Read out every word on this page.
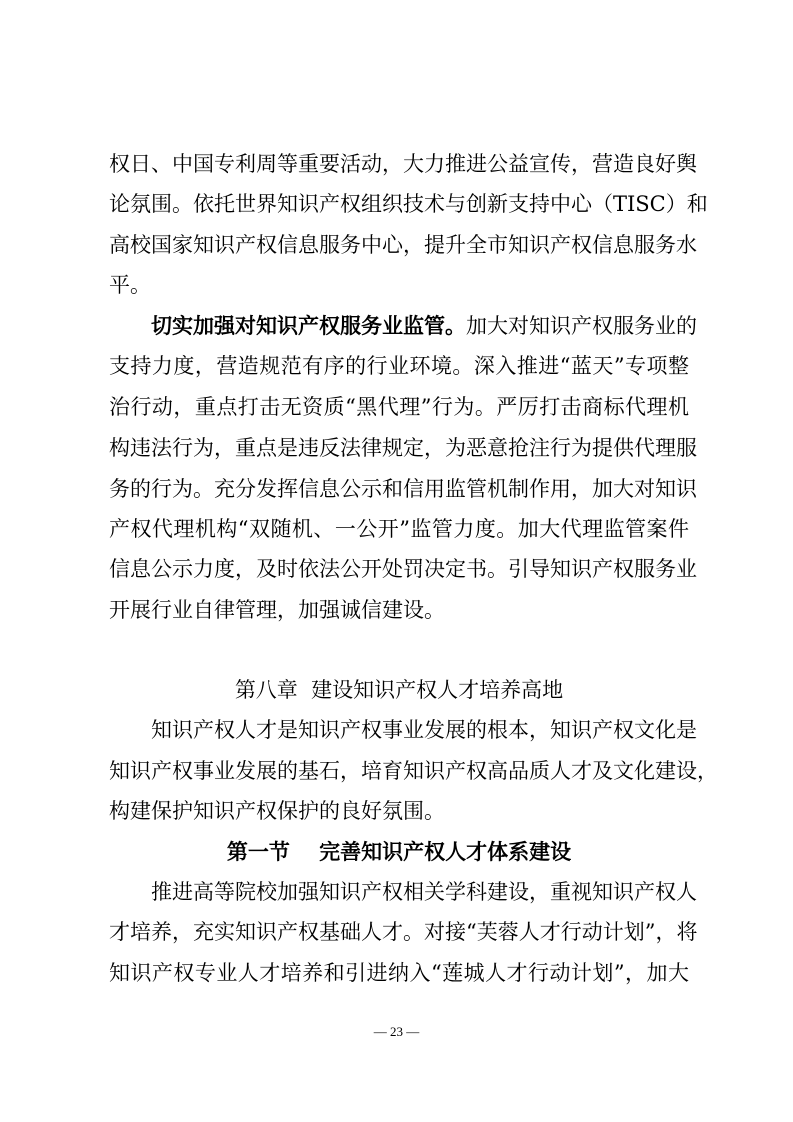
权日、中国专利周等重要活动，大力推进公益宣传，营造良好舆
论氛围。依托世界知识产权组织技术与创新支持中心（TISC）和
高校国家知识产权信息服务中心，提升全市知识产权信息服务水
平。
切实加强对知识产权服务业监管。加大对知识产权服务业的
支持力度，营造规范有序的行业环境。深入推进“蓝天”专项整
治行动，重点打击无资质“黑代理”行为。严厉打击商标代理机
构违法行为，重点是违反法律规定，为恶意抢注行为提供代理服
务的行为。充分发挥信息公示和信用监管机制作用，加大对知识
产权代理机构“双随机、一公开”监管力度。加大代理监管案件
信息公示力度，及时依法公开处罚决定书。引导知识产权服务业
开展行业自律管理，加强诚信建设。
第八章  建设知识产权人才培养高地
知识产权人才是知识产权事业发展的根本，知识产权文化是
知识产权事业发展的基石，培育知识产权高品质人才及文化建设，
构建保护知识产权保护的良好氛围。
第一节    完善知识产权人才体系建设
推进高等院校加强知识产权相关学科建设，重视知识产权人
才培养，充实知识产权基础人才。对接“芙蓉人才行动计划”，将
知识产权专业人才培养和引进纳入“莲城人才行动计划”，加大
— 23 —
